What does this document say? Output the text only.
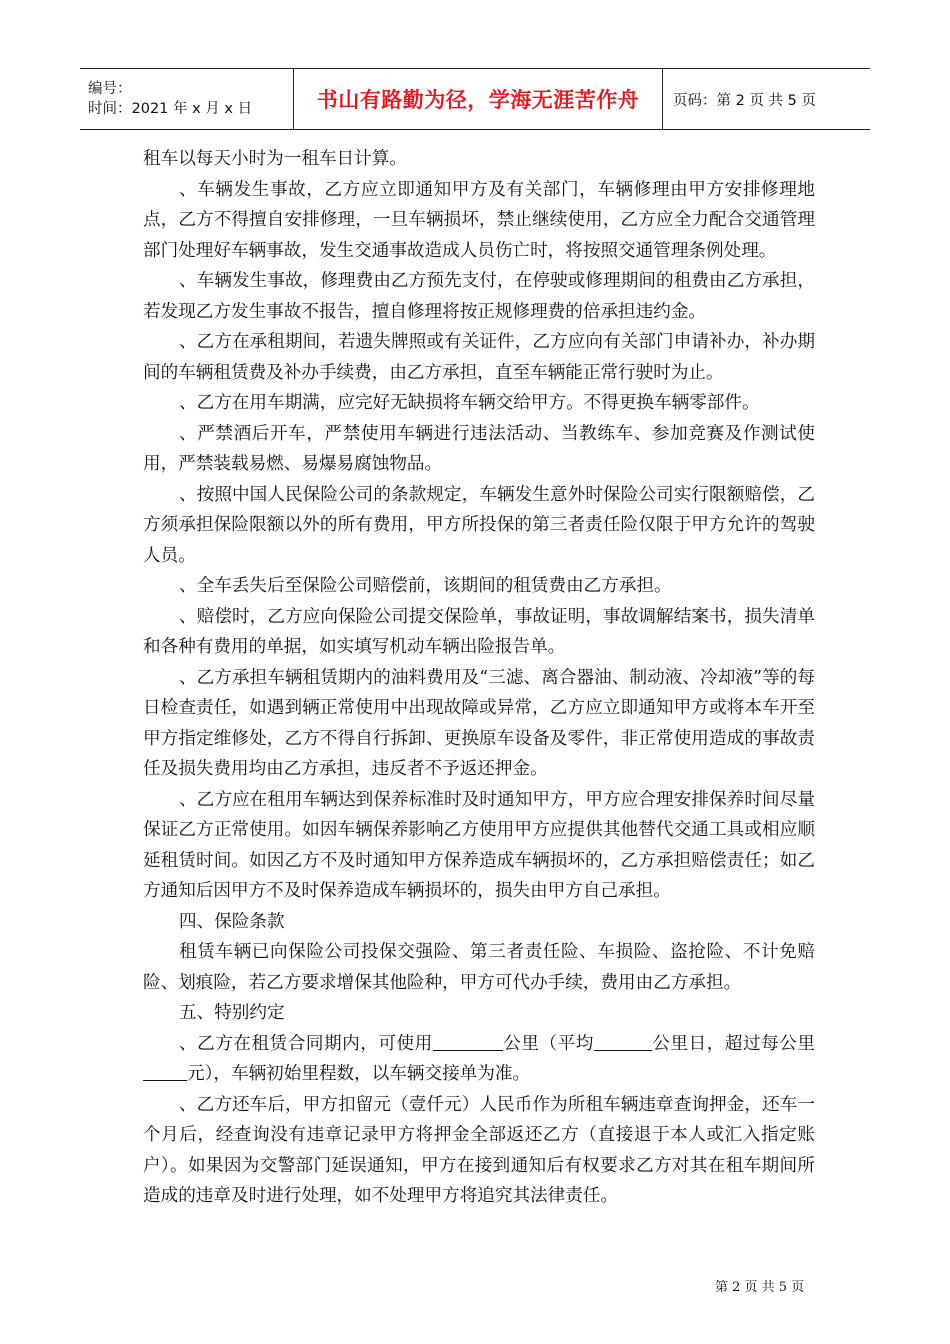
编号：
时间：2021 年 x 月 x 日	书山有路勤为径，学海无涯苦作舟 页码：第 2 页 共 5 页

租车以每天小时为一租车日计算。

、车辆发生事故，乙方应立即通知甲方及有关部门，车辆修理由甲方安排修理地点，乙方不得擅自安排修理，一旦车辆损坏，禁止继续使用，乙方应全力配合交通管理部门处理好车辆事故，发生交通事故造成人员伤亡时，将按照交通管理条例处理。

、车辆发生事故，修理费由乙方预先支付，在停驶或修理期间的租费由乙方承担，若发现乙方发生事故不报告，擅自修理将按正规修理费的倍承担违约金。

、乙方在承租期间，若遗失牌照或有关证件，乙方应向有关部门申请补办，补办期间的车辆租赁费及补办手续费，由乙方承担，直至车辆能正常行驶时为止。

、乙方在用车期满，应完好无缺损将车辆交给甲方。不得更换车辆零部件。

、严禁酒后开车，严禁使用车辆进行违法活动、当教练车、参加竞赛及作测试使用，严禁装载易燃、易爆易腐蚀物品。

、按照中国人民保险公司的条款规定，车辆发生意外时保险公司实行限额赔偿，乙方须承担保险限额以外的所有费用，甲方所投保的第三者责任险仅限于甲方允许的驾驶人员。

、全车丢失后至保险公司赔偿前，该期间的租赁费由乙方承担。

、赔偿时，乙方应向保险公司提交保险单，事故证明，事故调解结案书，损失清单和各种有费用的单据，如实填写机动车辆出险报告单。

、乙方承担车辆租赁期内的油料费用及“三滤、离合器油、制动液、冷却液”等的每日检查责任，如遇到辆正常使用中出现故障或异常，乙方应立即通知甲方或将本车开至甲方指定维修处，乙方不得自行拆卸、更换原车设备及零件，非正常使用造成的事故责任及损失费用均由乙方承担，违反者不予返还押金。

、乙方应在租用车辆达到保养标准时及时通知甲方，甲方应合理安排保养时间尽量保证乙方正常使用。如因车辆保养影响乙方使用甲方应提供其他替代交通工具或相应顺延租赁时间。如因乙方不及时通知甲方保养造成车辆损坏的，乙方承担赔偿责任；如乙方通知后因甲方不及时保养造成车辆损坏的，损失由甲方自己承担。

四、保险条款

租赁车辆已向保险公司投保交强险、第三者责任险、车损险、盗抢险、不计免赔险、划痕险，若乙方要求增保其他险种，甲方可代办手续，费用由乙方承担。

五、特别约定

、乙方在租赁合同期内，可使用	公里（平均	公里日，超过每公里元），车辆初始里程数，以车辆交接单为准。

、乙方还车后，甲方扣留元（壹仟元）人民币作为所租车辆违章查询押金，还车一个月后，经查询没有违章记录甲方将押金全部返还乙方（直接退于本人或汇入指定账户）。如果因为交警部门延误通知，甲方在接到通知后有权要求乙方对其在租车期间所造成的违章及时进行处理，如不处理甲方将追究其法律责任。

第 2 页 共 5 页
